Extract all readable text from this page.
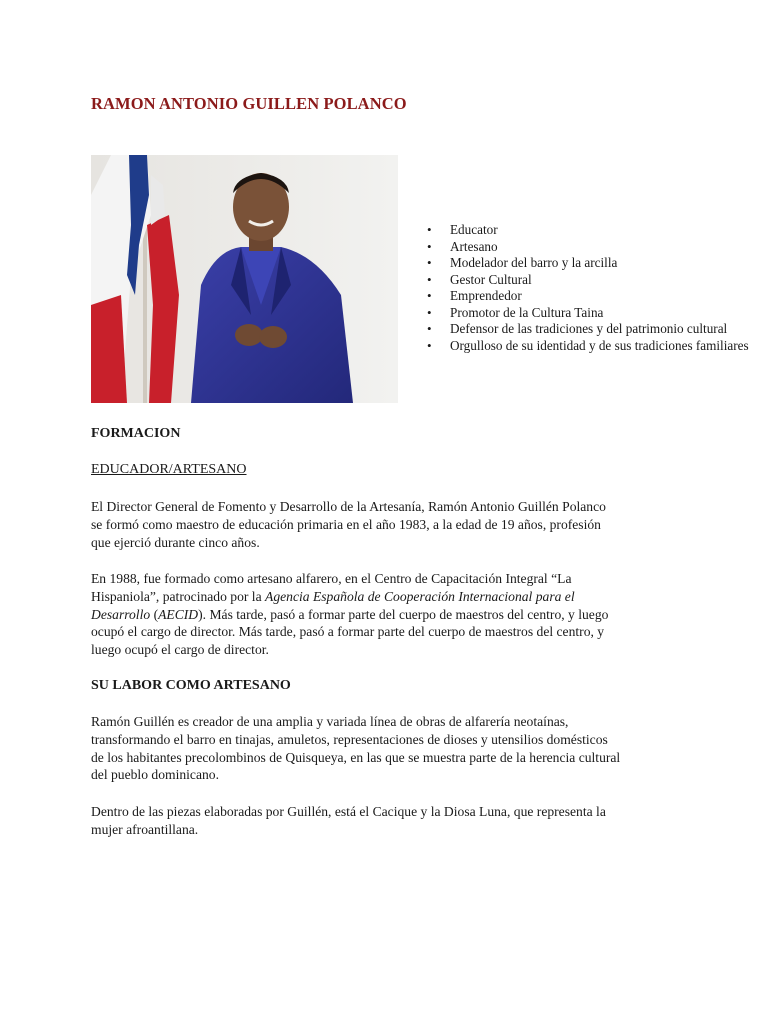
RAMON ANTONIO GUILLEN POLANCO
• Educator
• Artesano
• Modelador del barro y la arcilla
• Gestor Cultural
• Emprendedor
• Promotor de la Cultura Taina
• Defensor de las tradiciones y del patrimonio cultural
• Orgulloso de su identidad y de sus tradiciones familiares
FORMACION
EDUCADOR/ARTESANO
El Director General de Fomento y Desarrollo de la Artesanía, Ramón Antonio Guillén Polanco
se formó como maestro de educación primaria en el año 1983, a la edad de 19 años, profesión
que ejerció durante cinco años.
En 1988, fue formado como artesano alfarero, en el Centro de Capacitación Integral “La
Hispaniola”, patrocinado por la Agencia Española de Cooperación Internacional para el
Desarrollo (AECID). Más tarde, pasó a formar parte del cuerpo de maestros del centro, y luego
ocupó el cargo de director. Más tarde, pasó a formar parte del cuerpo de maestros del centro, y
luego ocupó el cargo de director.
SU LABOR COMO ARTESANO
Ramón Guillén es creador de una amplia y variada línea de obras de alfarería neotaínas,
transformando el barro en tinajas, amuletos, representaciones de dioses y utensilios domésticos
de los habitantes precolombinos de Quisqueya, en las que se muestra parte de la herencia cultural
del pueblo dominicano.
Dentro de las piezas elaboradas por Guillén, está el Cacique y la Diosa Luna, que representa la
mujer afroantillana.
